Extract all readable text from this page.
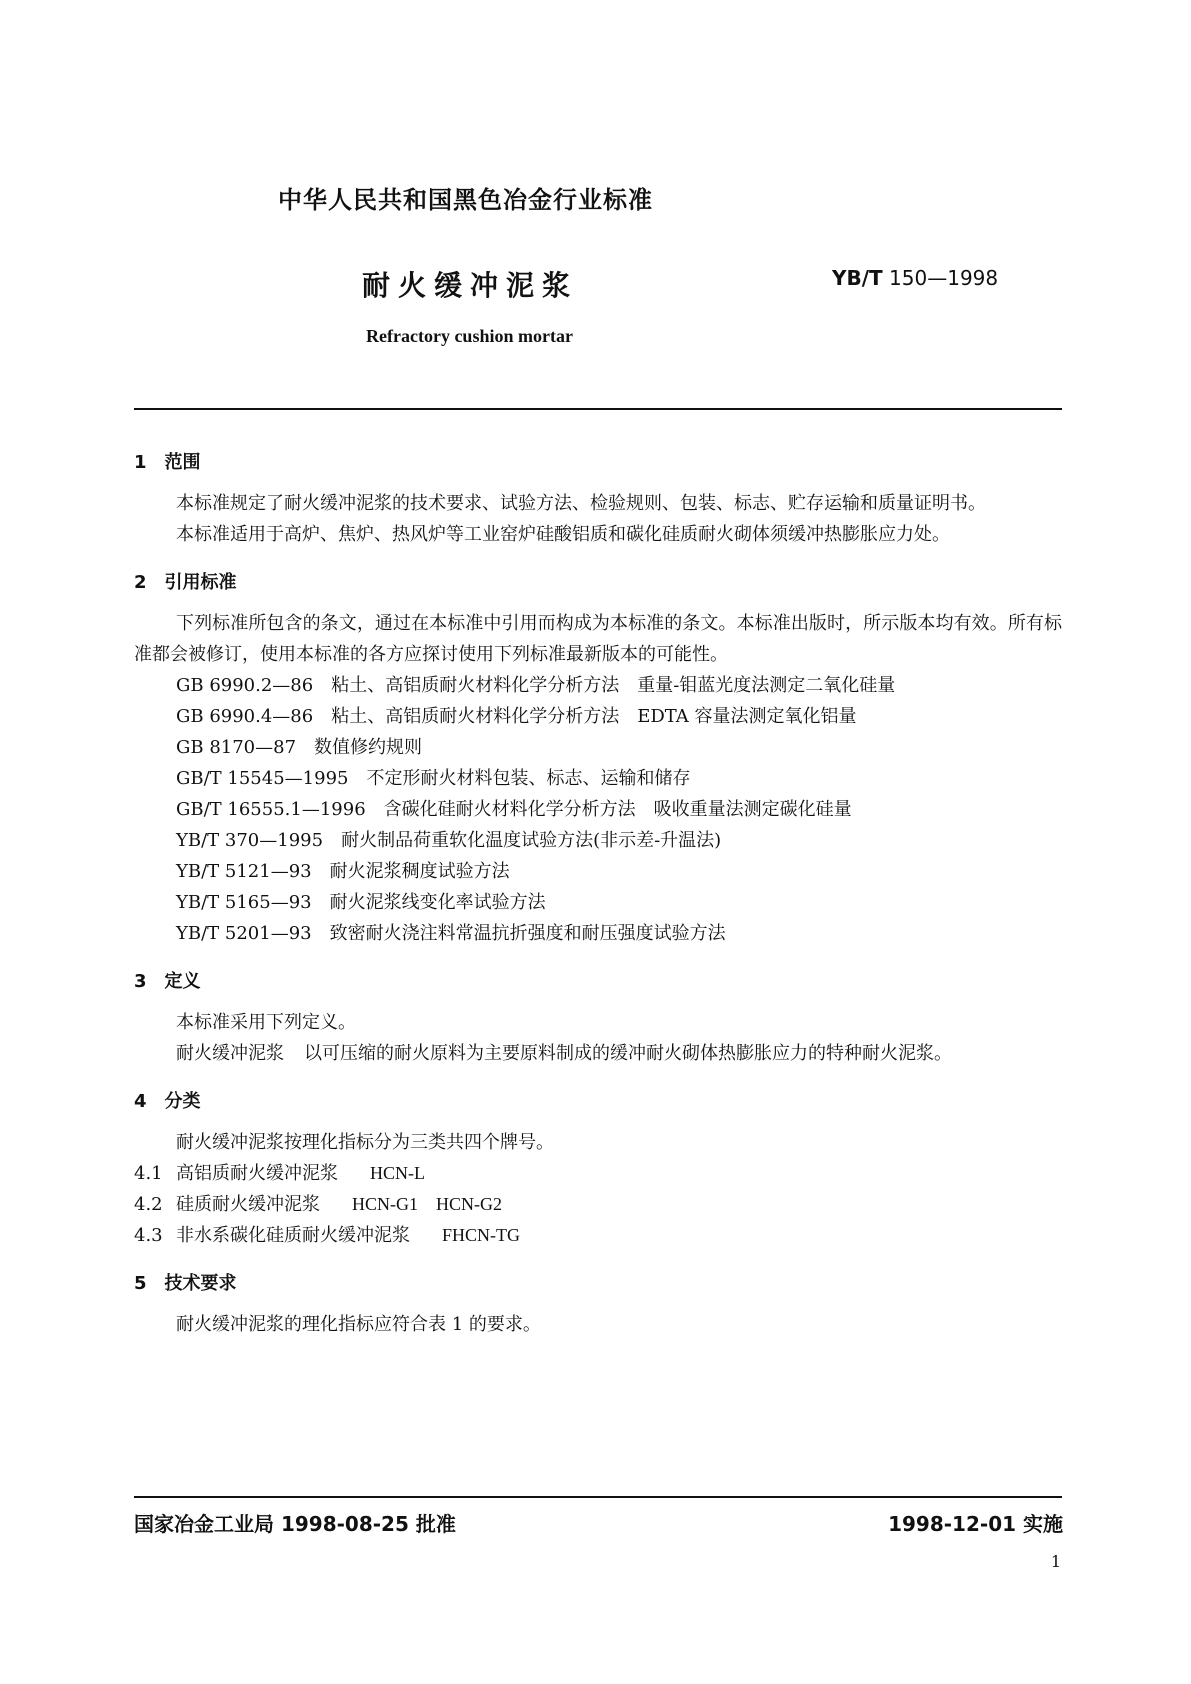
中华人民共和国黑色冶金行业标准
耐火缓冲泥浆	YB/T 150—1998
Refractory cushion mortar
1 范围

本标准规定了耐火缓冲泥浆的技术要求、试验方法、检验规则、包装、标志、贮存运输和质量证明书。

本标准适用于高炉、焦炉、热风炉等工业窑炉硅酸铝质和碳化硅质耐火砌体须缓冲热膨胀应力处。

2 引用标准

下列标准所包含的条文，通过在本标准中引用而构成为本标准的条文。本标准出版时，所示版本均有效。所有标准都会被修订，使用本标准的各方应探讨使用下列标准最新版本的可能性。

GB 6990.2—86 粘土、高铝质耐火材料化学分析方法　重量-钼蓝光度法测定二氧化硅量
GB 6990.4—86 粘土、高铝质耐火材料化学分析方法　EDTA 容量法测定氧化铝量
GB 8170—87 数值修约规则
GB/T 15545—1995 不定形耐火材料包装、标志、运输和储存
GB/T 16555.1—1996 含碳化硅耐火材料化学分析方法　吸收重量法测定碳化硅量
YB/T 370—1995 耐火制品荷重软化温度试验方法(非示差-升温法)
YB/T 5121—93 耐火泥浆稠度试验方法
YB/T 5165—93 耐火泥浆线变化率试验方法
YB/T 5201—93 致密耐火浇注料常温抗折强度和耐压强度试验方法
3 定义

本标准采用下列定义。

耐火缓冲泥浆 以可压缩的耐火原料为主要原料制成的缓冲耐火砌体热膨胀应力的特种耐火泥浆。

4 分类

耐火缓冲泥浆按理化指标分为三类共四个牌号。

4.1 高铝质耐火缓冲泥浆 HCN-L
4.2 硅质耐火缓冲泥浆 HCN-G1　HCN-G2
4.3 非水系碳化硅质耐火缓冲泥浆 FHCN-TG
5 技术要求

耐火缓冲泥浆的理化指标应符合表 1 的要求。

国家冶金工业局 1998-08-25 批准	1998-12-01 实施
1
